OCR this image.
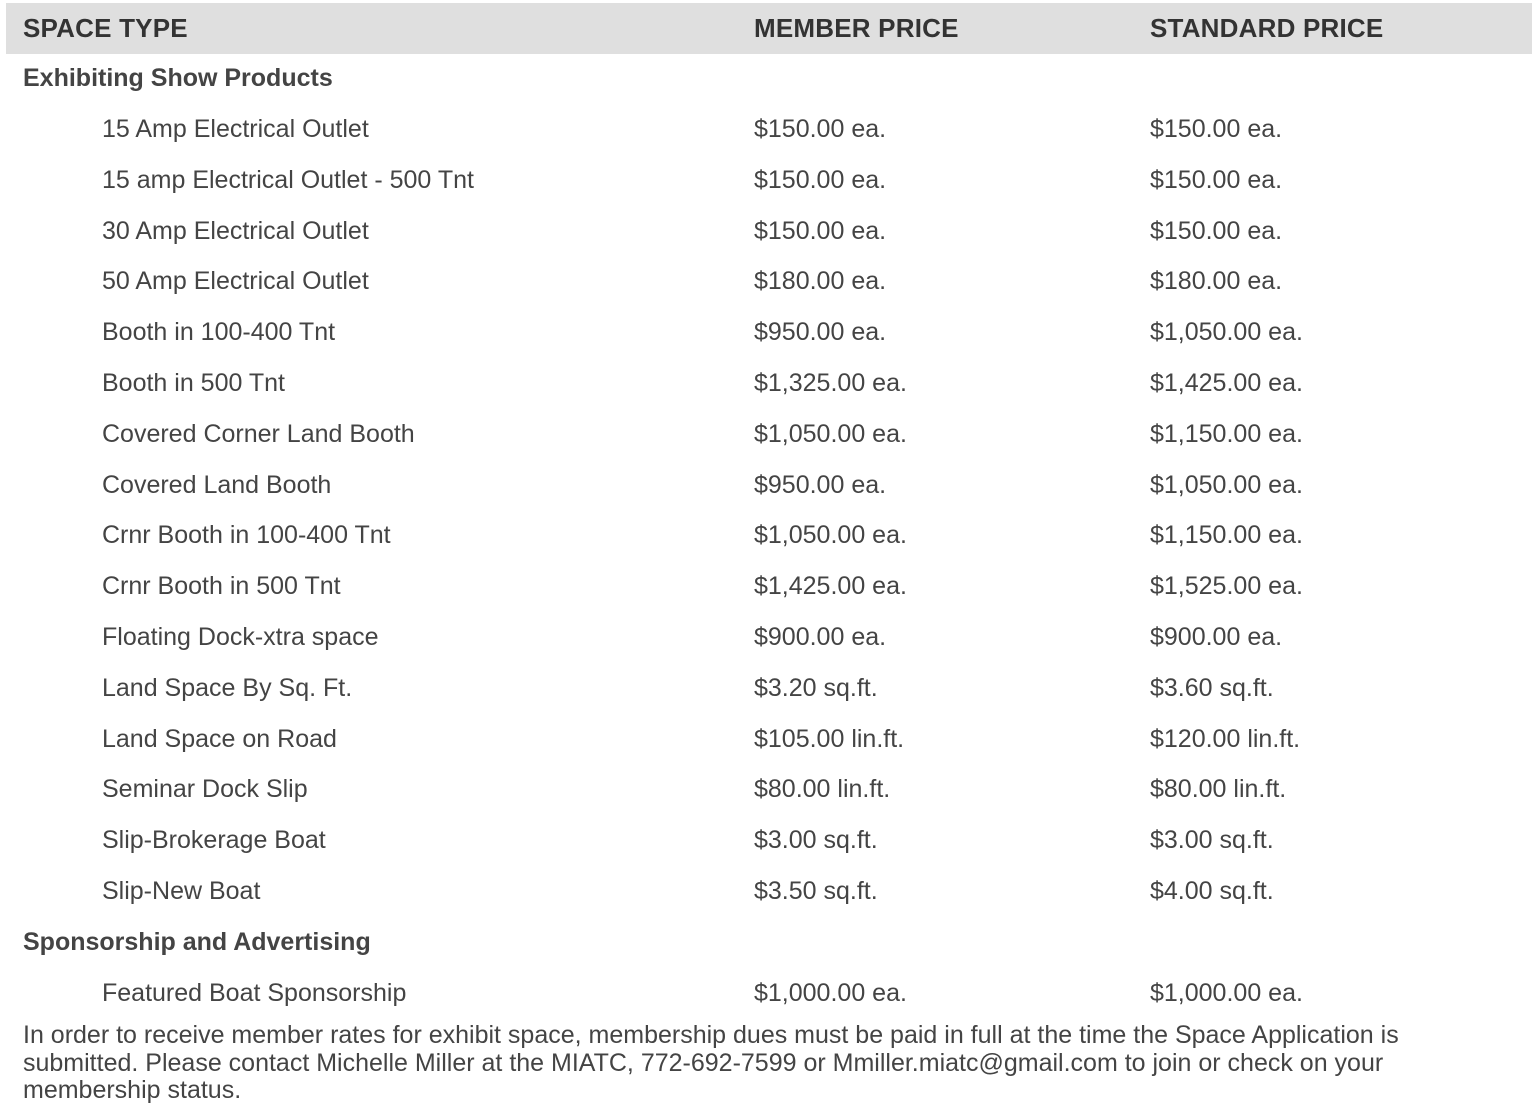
SPACE TYPE	MEMBER PRICE	STANDARD PRICE
Exhibiting Show Products
15 Amp Electrical Outlet	$150.00 ea.	$150.00 ea.
15 amp Electrical Outlet - 500 Tnt	$150.00 ea.	$150.00 ea.
30 Amp Electrical Outlet	$150.00 ea.	$150.00 ea.
50 Amp Electrical Outlet	$180.00 ea.	$180.00 ea.
Booth in 100-400 Tnt	$950.00 ea.	$1,050.00 ea.
Booth in 500 Tnt	$1,325.00 ea.	$1,425.00 ea.
Covered Corner Land Booth	$1,050.00 ea.	$1,150.00 ea.
Covered Land Booth	$950.00 ea.	$1,050.00 ea.
Crnr Booth in 100-400 Tnt	$1,050.00 ea.	$1,150.00 ea.
Crnr Booth in 500 Tnt	$1,425.00 ea.	$1,525.00 ea.
Floating Dock-xtra space	$900.00 ea.	$900.00 ea.
Land Space By Sq. Ft.	$3.20 sq.ft.	$3.60 sq.ft.
Land Space on Road	$105.00 lin.ft.	$120.00 lin.ft.
Seminar Dock Slip	$80.00 lin.ft.	$80.00 lin.ft.
Slip-Brokerage Boat	$3.00 sq.ft.	$3.00 sq.ft.
Slip-New Boat	$3.50 sq.ft.	$4.00 sq.ft.
Sponsorship and Advertising
Featured Boat Sponsorship	$1,000.00 ea.	$1,000.00 ea.
In order to receive member rates for exhibit space, membership dues must be paid in full at the time the Space Application is submitted. Please contact Michelle Miller at the MIATC, 772-692-7599 or Mmiller.miatc@gmail.com to join or check on your membership status.
